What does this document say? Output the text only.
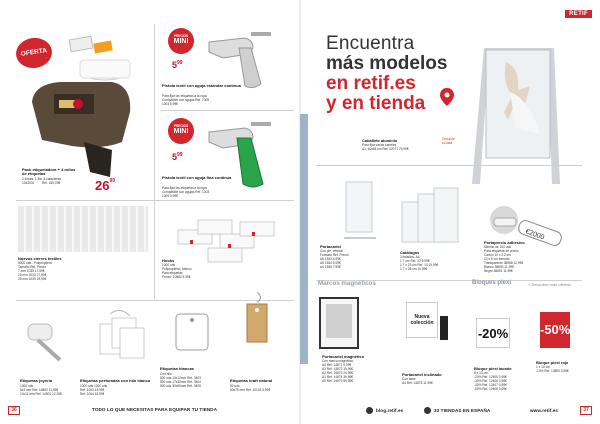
OFERTA
Pack etiquetadora + 4 rollos de etiquetas
2 líneas, 1 fila, 8 caracteres
1043031 Ref. 159,09€	$26^{99}$
PRECIOS
MINI
$5^{99}$
Pistola textil con aguja estándar contínua
Para fijar las etiquetas a la ropa
Compatible con agujas Ref. 1305
1303 5,99€
PRECIOS
MINI
$5^{99}$
Pistola textil con aguja fina continua
Para fijar las etiquetas a la ropa
Compatible con agujas Ref. 1303
1305 5,99€
Nuevos cierres textiles
5000 uds - Polipropileno
Tamaño Ref. Precio
7 mm 1035 17,59€
15 mm 1033 17,99€
25 mm 1039 19,99€
Hooks
1000 uds
Polipropileno, blanco
Para etiquetas
Precio: 10882 5,99€
Etiquetas joyería
1000 uds
5x3 mm Ref. 14800 11,99€
10x11 mm Ref. 14801 12,29€
Etiquetas perforadas con hilo blanco
1000 uds 1000 uds
Ref. 1063 14,99€
Ref. 1064 16,99€
Etiquetas blancas
Con hilo
500 uds 10x12mm Ref. 3403
500 uds 17x30mm Ref. 3404
500 uds 30x50mm Ref. 3405
Etiquetas kraft natural
50 uds
60x75 mm Ref. 10103 3,99€
36	TODO LO QUE NECESITAS PARA EQUIPAR TU TIENDA
RETIF
Encuentra
más modelos
en retif.es
y en tienda
Cerca de
tu casa
Caballete aluminio
Para fijar varios carteles
A1, 60x84 cm Ref. 12071 79,99€
Portacartel
Con pie, vertical
Formato Ref. Precio
A6 1383 4,99€
A5 1384 5,99€
A4 1385 7,99€
Catálogos
3 bolsillos, A4
1 7 cm Ref. 12 9,99€
1 7 x 23 cm Ref. 14 19,99€
1 7 x 28 cm 10,99€
€2000
Portaprecio adhesivo
Minimo de 100 uds
Para etiquetas de precio
Cartón 10 x 2.2 cm
10 x 5 cm formato
Transparente 38988 12,99€
Blanco 38890 11,99€
Negro 38891 11,99€
Marcos magnéticos	Bloques plexi	+ Descubre más ofertas
Portacartel magnético
Con marco magnético
A4 Ref. 14871 9,99€
A3 Ref. 14872 15,99€
A2 Ref. 14873 24,99€
A1 Ref. 14874 39,99€
A0 Ref. 14875 59,99€
Nueva
colección
Portacartel inclinado
Con base
A4 Ref. 14876 11,99€
-20%
Bloque plexi lacado
8 x 13 cm
-20% Ref. 12405 3,99€
-30% Ref. 12406 3,99€
-40% Ref. 12407 3,99€
-50% Ref. 12408 3,99€
-50%
Bloque plexi rojo
1 x 10 cm
-10% Ref. 13803 3,99€
blog.retif.es	33 TIENDAS EN ESPAÑA	www.retif.es	37
